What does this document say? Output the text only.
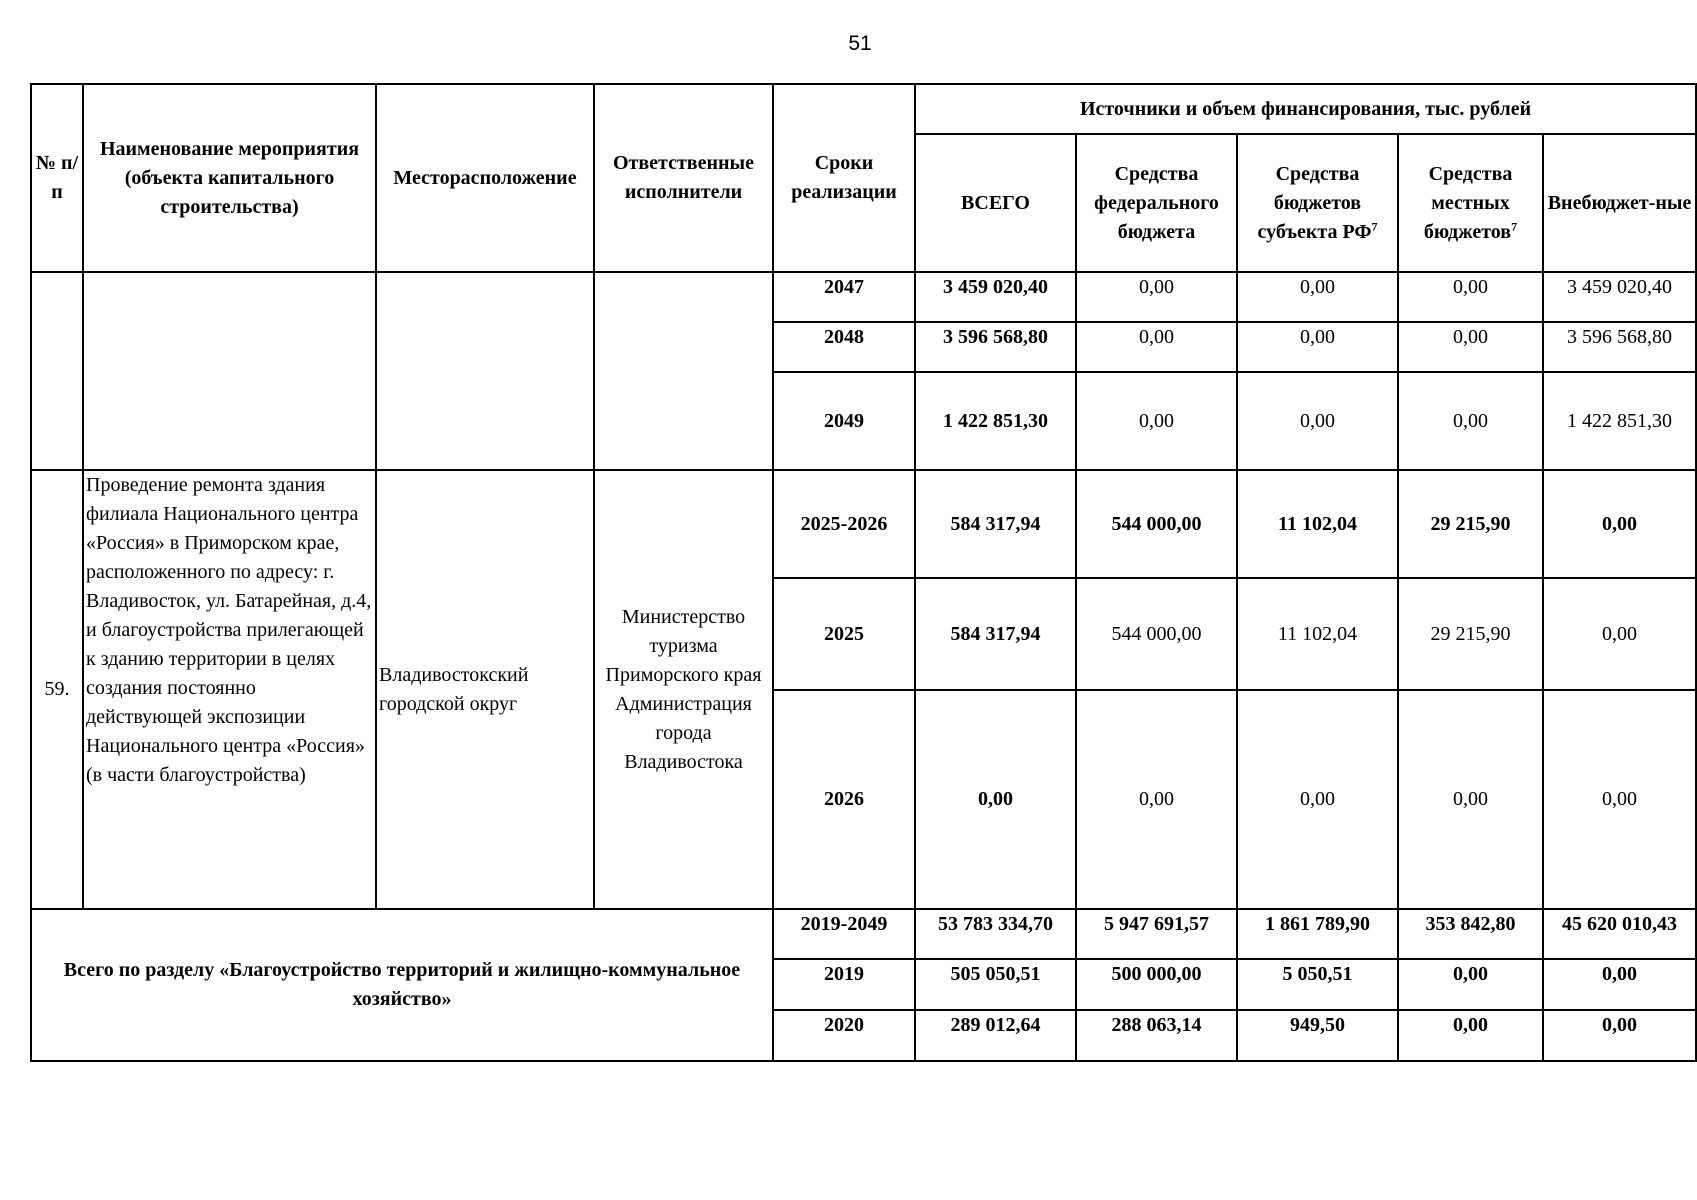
51
№ п/п	Наименование мероприятия (объекта капитального строительства)	Месторасположение	Ответственные исполнители	Сроки реализации	Источники и объем финансирования, тыс. рублей				
					ВСЕГО	Средства федерального бюджета	Средства бюджетов субъекта $РФ^7$	Средства местных бюджетов$^7$	Внебюджет-ные
				2047	3 459 020,40	0,00	0,00	0,00	3 459 020,40
				2048	3 596 568,80	0,00	0,00	0,00	3 596 568,80
				2049	1 422 851,30	0,00	0,00	0,00	1 422 851,30
59.	Проведение ремонта здания филиала Национального центра «Россия» в Приморском крае, расположенного по адресу: г. Владивосток, ул. Батарейная, д.4, и благоустройства прилегающей к зданию территории в целях создания постоянно действующей экспозиции Национального центра «Россия» (в части благоустройства)	Владивостокский городской округ	Министерство туризма Приморского края Администрация города Владивостока	2025-2026	584 317,94	544 000,00	11 102,04	29 215,90	0,00
				2025	584 317,94	544 000,00	11 102,04	29 215,90	0,00
				2026	0,00	0,00	0,00	0,00	0,00
Всего по разделу «Благоустройство территорий и жилищно-коммунальное хозяйство»				2019-2049	53 783 334,70	5 947 691,57	1 861 789,90	353 842,80	45 620 010,43
				2019	505 050,51	500 000,00	5 050,51	0,00	0,00
				2020	289 012,64	288 063,14	949,50	0,00	0,00
